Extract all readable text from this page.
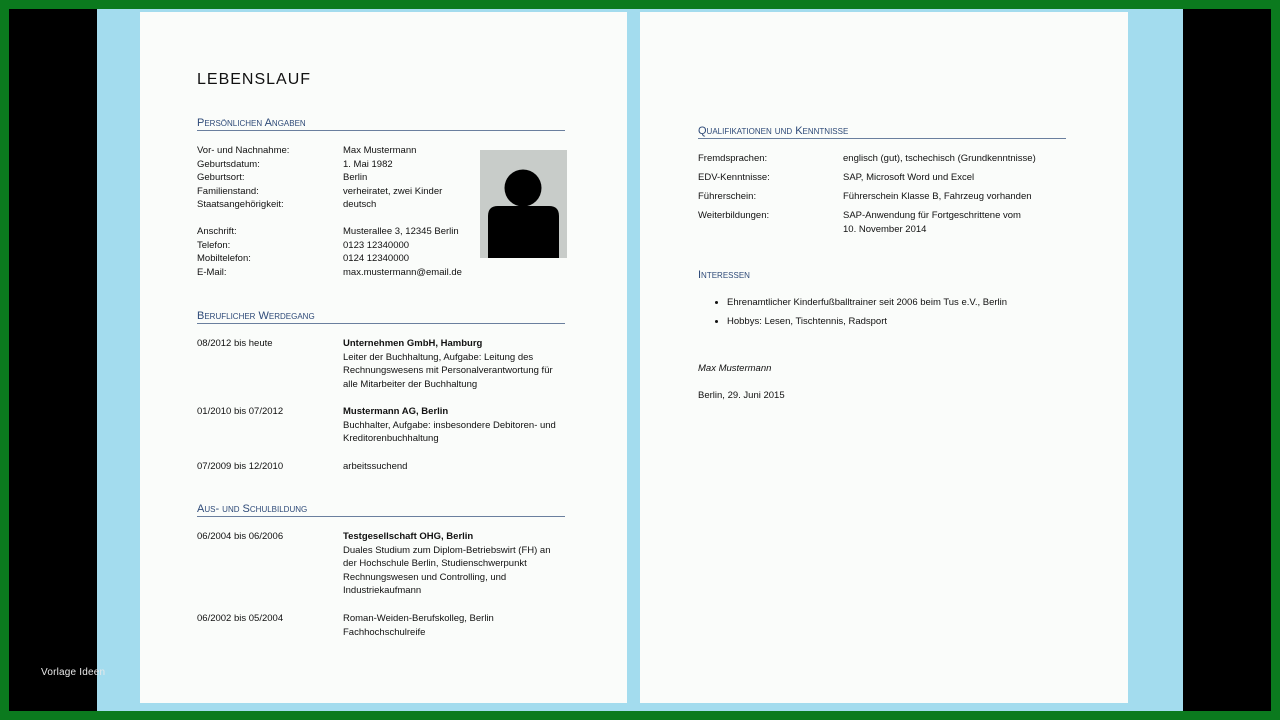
LEBENSLAUF
Persönlichen Angaben
Vor- und Nachnahme:	Max Mustermann
Geburtsdatum:	1. Mai 1982
Geburtsort:	Berlin
Familienstand:	verheiratet, zwei Kinder
Staatsangehörigkeit:	deutsch
Anschrift:	Musterallee 3, 12345 Berlin
Telefon:	0123 12340000
Mobiltelefon:	0124 12340000
E-Mail:	max.mustermann@email.de
Beruflicher Werdegang
08/2012 bis heute	Unternehmen GmbH, Hamburg
Leiter der Buchhaltung, Aufgabe: Leitung des
Rechnungswesens mit Personalverantwortung für
alle Mitarbeiter der Buchhaltung
01/2010 bis 07/2012	Mustermann AG, Berlin
Buchhalter, Aufgabe: insbesondere Debitoren- und
Kreditorenbuchhaltung
07/2009 bis 12/2010	arbeitssuchend
Aus- und Schulbildung
06/2004 bis 06/2006	Testgesellschaft OHG, Berlin
Duales Studium zum Diplom-Betriebswirt (FH) an
der Hochschule Berlin, Studienschwerpunkt
Rechnungswesen und Controlling, und
Industriekaufmann
06/2002 bis 05/2004	Roman-Weiden-Berufskolleg, Berlin
Fachhochschulreife
Qualifikationen und Kenntnisse
Fremdsprachen:	englisch (gut), tschechisch (Grundkenntnisse)
EDV-Kenntnisse:	SAP, Microsoft Word und Excel
Führerschein:	Führerschein Klasse B, Fahrzeug vorhanden
Weiterbildungen:	SAP-Anwendung für Fortgeschrittene vom
10. November 2014
Interessen
• Ehrenamtlicher Kinderfußballtrainer seit 2006 beim Tus e.V., Berlin
• Hobbys: Lesen, Tischtennis, Radsport
Max Mustermann
Berlin, 29. Juni 2015
Vorlage Ideen
